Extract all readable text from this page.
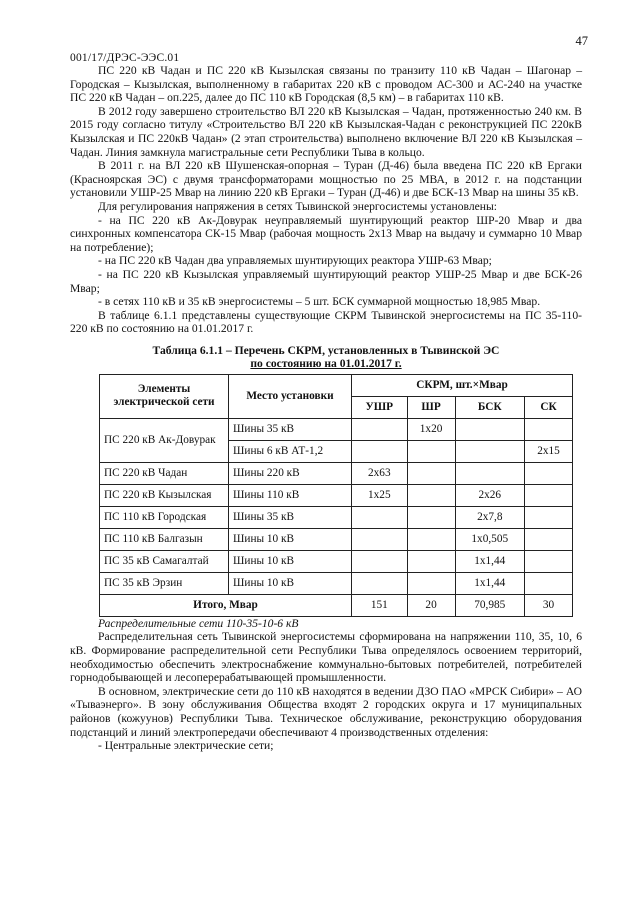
47
001/17/ДРЭС-ЭЭС.01

ПС 220 кВ Чадан и ПС 220 кВ Кызылская связаны по транзиту 110 кВ Чадан – Шагонар – Городская – Кызылская, выполненному в габаритах 220 кВ с проводом АС-300 и АС-240 на участке ПС 220 кВ Чадан – оп.225, далее до ПС 110 кВ Городская (8,5 км) – в габаритах 110 кВ.

В 2012 году завершено строительство ВЛ 220 кВ Кызылская – Чадан, протяженностью 240 км. В 2015 году согласно титулу «Строительство ВЛ 220 кВ Кызылская-Чадан с реконструкцией ПС 220кВ Кызылская и ПС 220кВ Чадан» (2 этап строительства) выполнено включение ВЛ 220 кВ Кызылская – Чадан. Линия замкнула магистральные сети Республики Тыва в кольцо.

В 2011 г. на ВЛ 220 кВ Шушенская-опорная – Туран (Д-46) была введена ПС 220 кВ Ергаки (Красноярская ЭС) с двумя трансформаторами мощностью по 25 МВА, в 2012 г. на подстанции установили УШР-25 Мвар на линию 220 кВ Ергаки – Туран (Д-46) и две БСК-13 Мвар на шины 35 кВ.

Для регулирования напряжения в сетях Тывинской энергосистемы установлены:

- на ПС 220 кВ Ак-Довурак неуправляемый шунтирующий реактор ШР-20 Мвар и два синхронных компенсатора СК-15 Мвар (рабочая мощность 2х13 Мвар на выдачу и суммарно 10 Мвар на потребление);

- на ПС 220 кВ Чадан два управляемых шунтирующих реактора УШР-63 Мвар;

- на ПС 220 кВ Кызылская управляемый шунтирующий реактор УШР-25 Мвар и две БСК-26 Мвар;

- в сетях 110 кВ и 35 кВ энергосистемы – 5 шт. БСК суммарной мощностью 18,985 Мвар.

В таблице 6.1.1 представлены существующие СКРМ Тывинской энергосистемы на ПС 35-110-220 кВ по состоянию на 01.01.2017 г.

Таблица 6.1.1 – Перечень СКРМ, установленных в Тывинской ЭС
по состоянию на 01.01.2017 г.
Элементы электрической сети	Место установки	СКРМ, шт.×Мвар			
		УШР	ШР	БСК	СК
ПС 220 кВ Ак-Довурак	Шины 35 кВ		1х20		
	Шины 6 кВ АТ-1,2				2х15
ПС 220 кВ Чадан	Шины 220 кВ	2х63			
ПС 220 кВ Кызылская	Шины 110 кВ	1х25		2х26	
ПС 110 кВ Городская	Шины 35 кВ			2х7,8	
ПС 110 кВ Балгазын	Шины 10 кВ			1х0,505	
ПС 35 кВ Самагалтай	Шины 10 кВ			1х1,44	
ПС 35 кВ Эрзин	Шины 10 кВ			1х1,44	
Итого, Мвар		151	20	70,985	30

Распределительные сети 110-35-10-6 кВ

Распределительная сеть Тывинской энергосистемы сформирована на напряжении 110, 35, 10, 6 кВ. Формирование распределительной сети Республики Тыва определялось освоением территорий, необходимостью обеспечить электроснабжение коммунально-бытовых потребителей, потребителей горнодобывающей и лесоперерабатывающей промышленности.

В основном, электрические сети до 110 кВ находятся в ведении ДЗО ПАО «МРСК Сибири» – АО «Тываэнерго». В зону обслуживания Общества входят 2 городских округа и 17 муниципальных районов (кожуунов) Республики Тыва. Техническое обслуживание, реконструкцию оборудования подстанций и линий электропередачи обеспечивают 4 производственных отделения:

- Центральные электрические сети;
